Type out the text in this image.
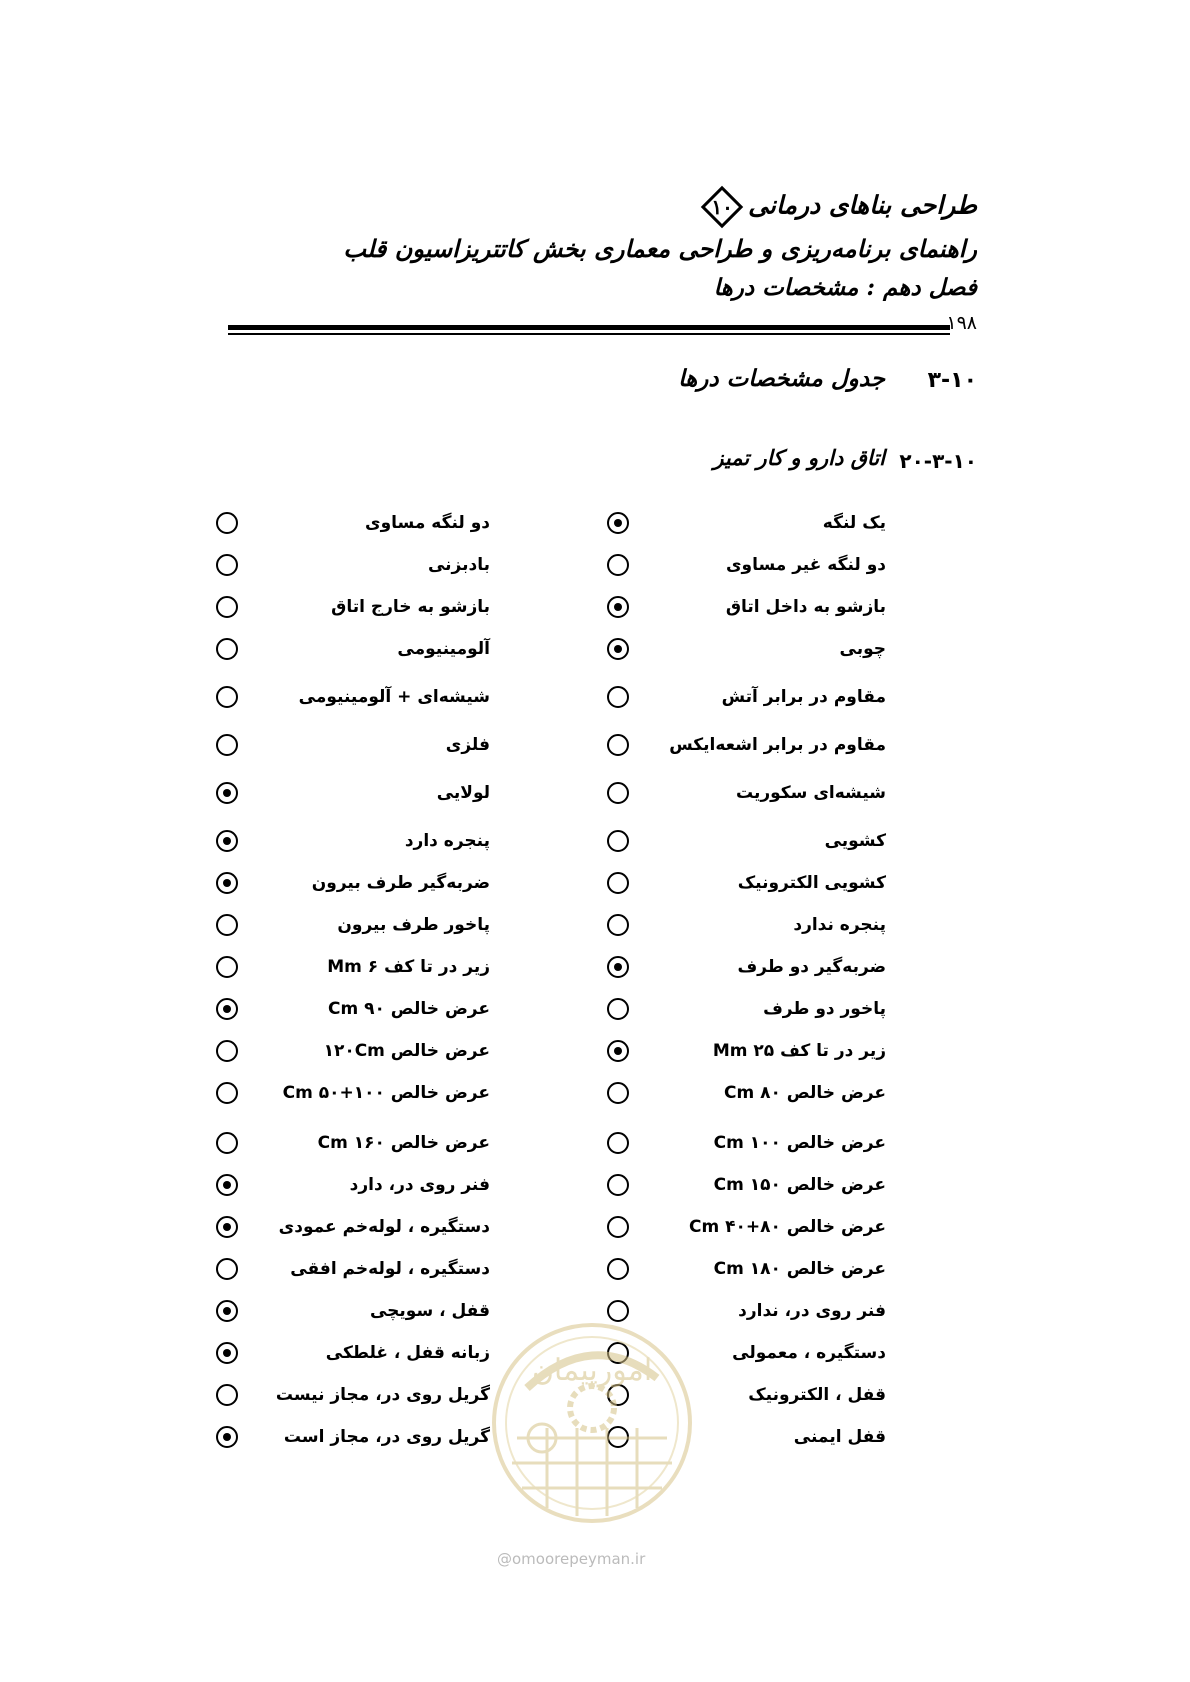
طراحی بناهای درمانی
۱۰
راهنمای برنامه‌ریزی و طراحی معماری بخش کاتتریزاسیون قلب
فصل دهم : مشخصات درها
۱۹۸
۳-۱۰
جدول مشخصات درها
۲۰-۳-۱۰
اتاق دارو و کار تمیز
یک لنگه
دو لنگه مساوی
دو لنگه غیر مساوی
بادبزنی
بازشو به داخل اتاق
بازشو به خارج اتاق
چوبی
آلومینیومی
مقاوم در برابر آتش
شیشه‌ای + آلومینیومی
مقاوم در برابر اشعه‌ایکس
فلزی
شیشه‌ای سکوریت
لولایی
کشویی
پنجره دارد
کشویی الکترونیک
ضربه‌گیر طرف بیرون
پنجره ندارد
پاخور طرف بیرون
ضربه‌گیر دو طرف
زیر در تا کف Mm ۶
پاخور دو طرف
عرض خالص Cm ۹۰
زیر در تا کف Mm ۲۵
عرض خالص ۱۲۰Cm
عرض خالص Cm ۸۰
عرض خالص Cm ۵۰+۱۰۰
عرض خالص Cm ۱۰۰
عرض خالص Cm ۱۶۰
عرض خالص Cm ۱۵۰
فنر روی در، دارد
عرض خالص Cm ۴۰+۸۰
دستگیره ، لوله‌خم عمودی
عرض خالص Cm ۱۸۰
دستگیره ، لوله‌خم افقی
فنر روی در، ندارد
قفل ، سویچی
دستگیره ، معمولی
زبانه قفل ، غلطکی
قفل ، الکترونیک
گریل روی در، مجاز نیست
قفل ایمنی
گریل روی در، مجاز است
امورپیمان
@omoorepeyman.ir
